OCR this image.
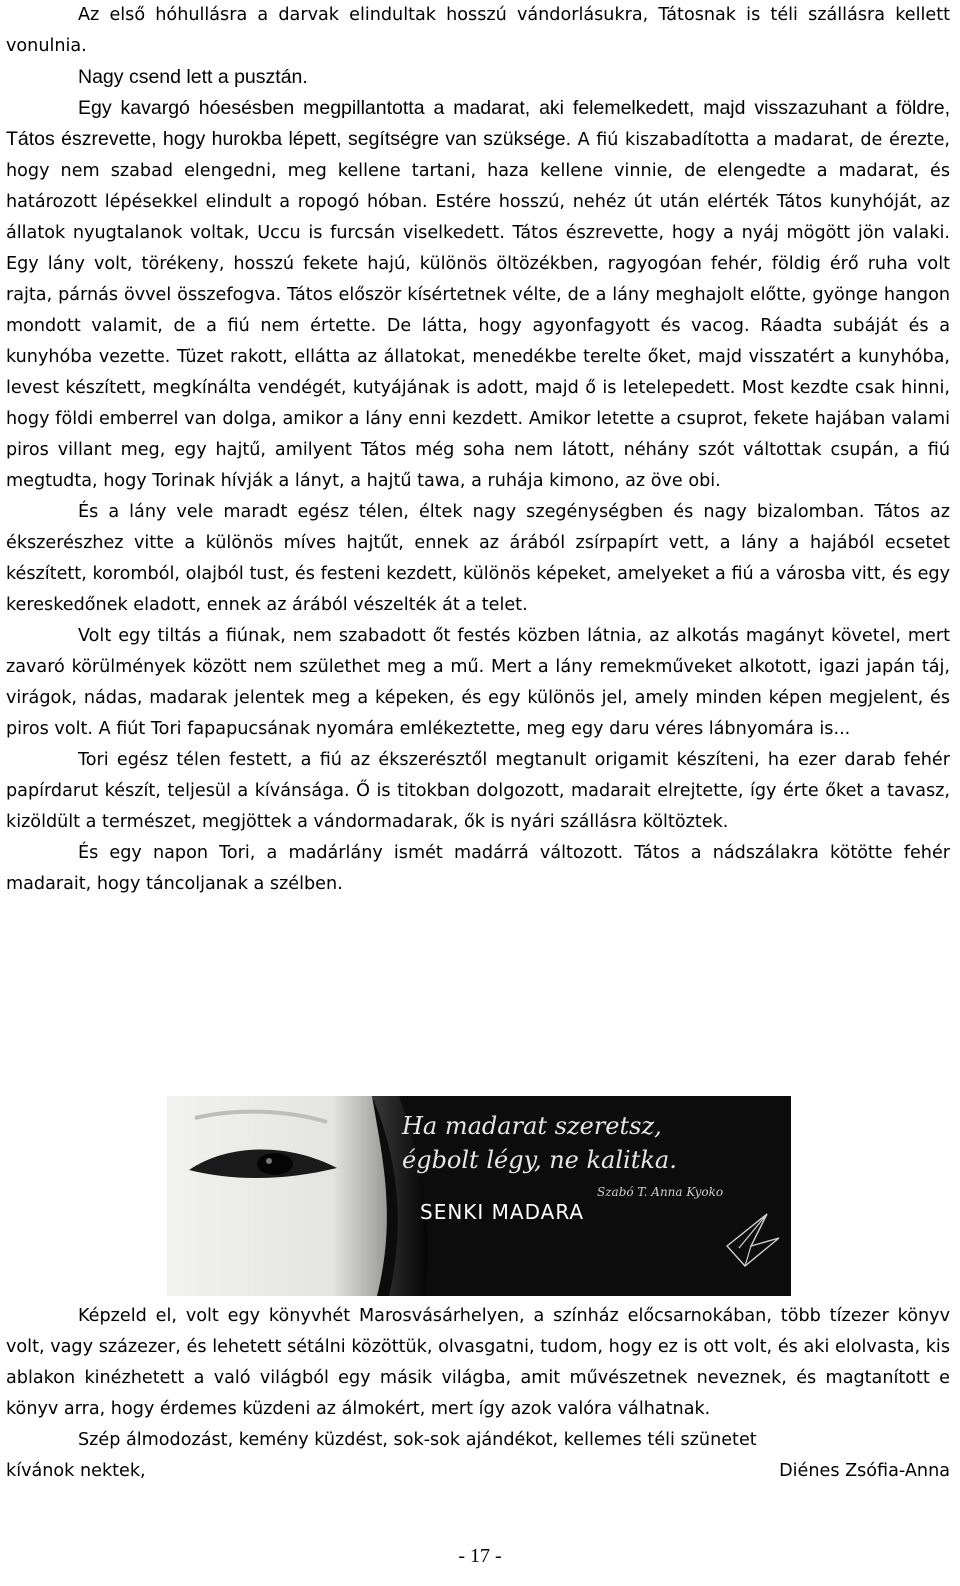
Az első hóhullásra a darvak elindultak hosszú vándorlásukra, Tátosnak is téli szállásra kellett vonulnia.

Nagy csend lett a pusztán.

Egy kavargó hóesésben megpillantotta a madarat, aki felemelkedett, majd visszazuhant a földre, Tátos észrevette, hogy hurokba lépett, segítségre van szüksége. A fiú kiszabadította a madarat, de érezte, hogy nem szabad elengedni, meg kellene tartani, haza kellene vinnie, de elengedte a madarat, és határozott lépésekkel elindult a ropogó hóban. Estére hosszú, nehéz út után elérték Tátos kunyhóját, az állatok nyugtalanok voltak, Uccu is furcsán viselkedett. Tátos észrevette, hogy a nyáj mögött jön valaki. Egy lány volt, törékeny, hosszú fekete hajú, különös öltözékben, ragyogóan fehér, földig érő ruha volt rajta, párnás övvel összefogva. Tátos először kísértetnek vélte, de a lány meghajolt előtte, gyönge hangon mondott valamit, de a fiú nem értette. De látta, hogy agyonfagyott és vacog. Ráadta subáját és a kunyhóba vezette. Tüzet rakott, ellátta az állatokat, menedékbe terelte őket, majd visszatért a kunyhóba, levest készített, megkínálta vendégét, kutyájának is adott, majd ő is letelepedett. Most kezdte csak hinni, hogy földi emberrel van dolga, amikor a lány enni kezdett. Amikor letette a csuprot, fekete hajában valami piros villant meg, egy hajtű, amilyent Tátos még soha nem látott, néhány szót váltottak csupán, a fiú megtudta, hogy Torinak hívják a lányt, a hajtű tawa, a ruhája kimono, az öve obi.

És a lány vele maradt egész télen, éltek nagy szegénységben és nagy bizalomban. Tátos az ékszerészhez vitte a különös míves hajtűt, ennek az árából zsírpapírt vett, a lány a hajából ecsetet készített, koromból, olajból tust, és festeni kezdett, különös képeket, amelyeket a fiú a városba vitt, és egy kereskedőnek eladott, ennek az árából vészelték át a telet.

Volt egy tiltás a fiúnak, nem szabadott őt festés közben látnia, az alkotás magányt követel, mert zavaró körülmények között nem születhet meg a mű. Mert a lány remekműveket alkotott, igazi japán táj, virágok, nádas, madarak jelentek meg a képeken, és egy különös jel, amely minden képen megjelent, és piros volt. A fiút Tori fapapucsának nyomára emlékeztette, meg egy daru véres lábnyomára is...

Tori egész télen festett, a fiú az ékszerésztől megtanult origamit készíteni, ha ezer darab fehér papírdarut készít, teljesül a kívánsága. Ő is titokban dolgozott, madarait elrejtette, így érte őket a tavasz, kizöldült a természet, megjöttek a vándormadarak, ők is nyári szállásra költöztek.

És egy napon Tori, a madárlány ismét madárrá változott. Tátos a nádszálakra kötötte fehér madarait, hogy táncoljanak a szélben.

Ha madarat szeretsz,
égbolt légy, ne kalitka.
Szabó T. Anna Kyoko
SENKI MADARA

Képzeld el, volt egy könyvhét Marosvásárhelyen, a színház előcsarnokában, több tízezer könyv volt, vagy százezer, és lehetett sétálni közöttük, olvasgatni, tudom, hogy ez is ott volt, és aki elolvasta, kis ablakon kinézhetett a való világból egy másik világba, amit művészetnek neveznek, és magtanított e könyv arra, hogy érdemes küzdeni az álmokért, mert így azok valóra válhatnak.

Szép álmodozást, kemény küzdést, sok-sok ajándékot, kellemes téli szünetet

kívánok nektek,	Diénes Zsófia-Anna
- 17 -
